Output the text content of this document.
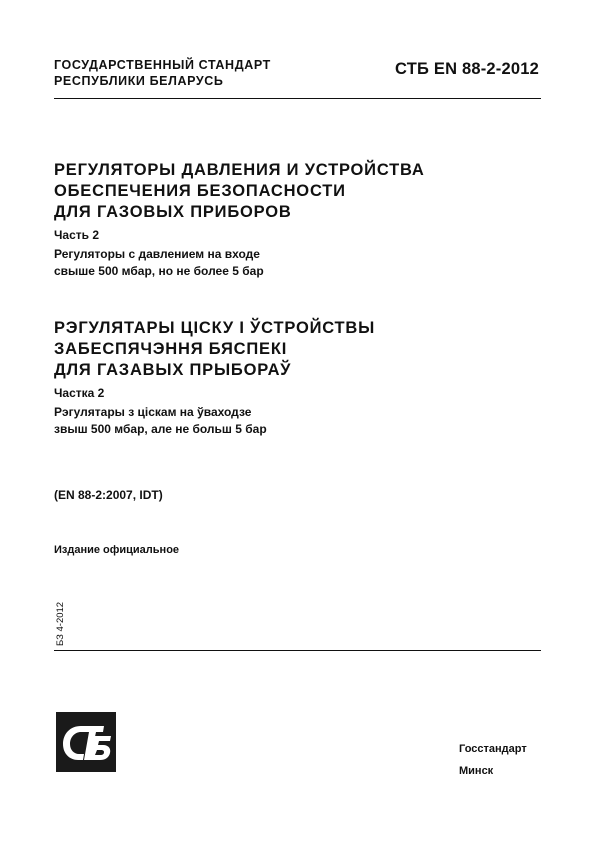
ГОСУДАРСТВЕННЫЙ СТАНДАРТ
РЕСПУБЛИКИ БЕЛАРУСЬ
СТБ EN 88-2-2012
РЕГУЛЯТОРЫ ДАВЛЕНИЯ И УСТРОЙСТВА
ОБЕСПЕЧЕНИЯ БЕЗОПАСНОСТИ
ДЛЯ ГАЗОВЫХ ПРИБОРОВ
Часть 2
Регуляторы с давлением на входе
свыше 500 мбар, но не более 5 бар
РЭГУЛЯТАРЫ ЦІСКУ І ЎСТРОЙСТВЫ
ЗАБЕСПЯЧЭННЯ БЯСПЕКІ
ДЛЯ ГАЗАВЫХ ПРЫБОРАЎ
Частка 2
Рэгулятары з ціскам на ўваходзе
звыш 500 мбар, але не больш 5 бар
(EN 88-2:2007, IDT)
Издание официальное
БЗ 4-2012
Госстандарт
Минск
